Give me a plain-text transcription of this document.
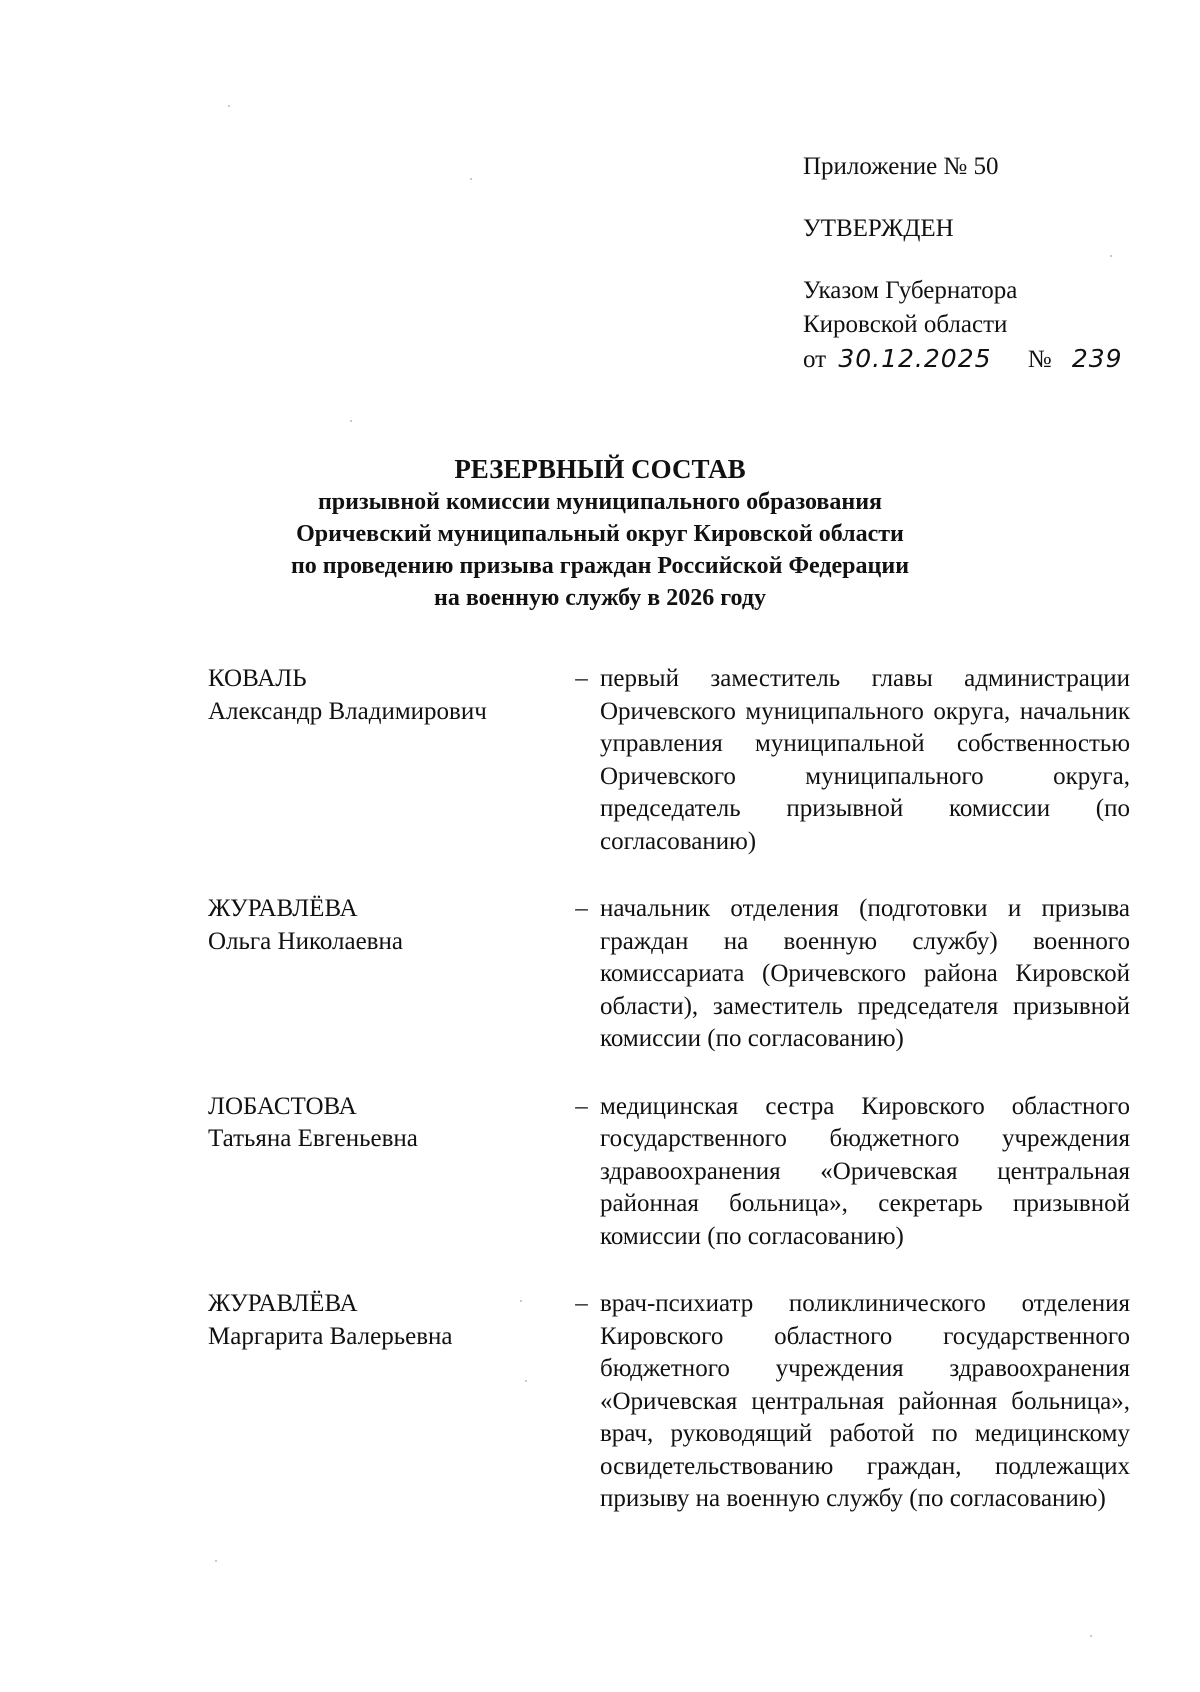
Приложение № 50
УТВЕРЖДЕН
Указом Губернатора
Кировской области
от 30.12.2025 № 239
РЕЗЕРВНЫЙ СОСТАВ
призывной комиссии муниципального образования
Оричевский муниципальный округ Кировской области
по проведению призыва граждан Российской Федерации
на военную службу в 2026 году
КОВАЛЬ
Александр Владимирович
– первый заместитель главы администрации Оричевского муниципального округа, начальник управления муниципальной собственностью Оричевского муниципального округа, председатель призывной комиссии (по согласованию)
ЖУРАВЛЁВА
Ольга Николаевна
– начальник отделения (подготовки и призыва граждан на военную службу) военного комиссариата (Оричевского района Кировской области), заместитель председателя призывной комиссии (по согласованию)
ЛОБАСТОВА
Татьяна Евгеньевна
– медицинская сестра Кировского областного государственного бюджетного учреждения здравоохранения «Оричевская центральная районная больница», секретарь призывной комиссии (по согласованию)
ЖУРАВЛЁВА
Маргарита Валерьевна
– врач-психиатр поликлинического отделения Кировского областного государственного бюджетного учреждения здравоохранения «Оричевская центральная районная больница», врач, руководящий работой по медицинскому освидетельствованию граждан, подлежащих призыву на военную службу (по согласованию)
